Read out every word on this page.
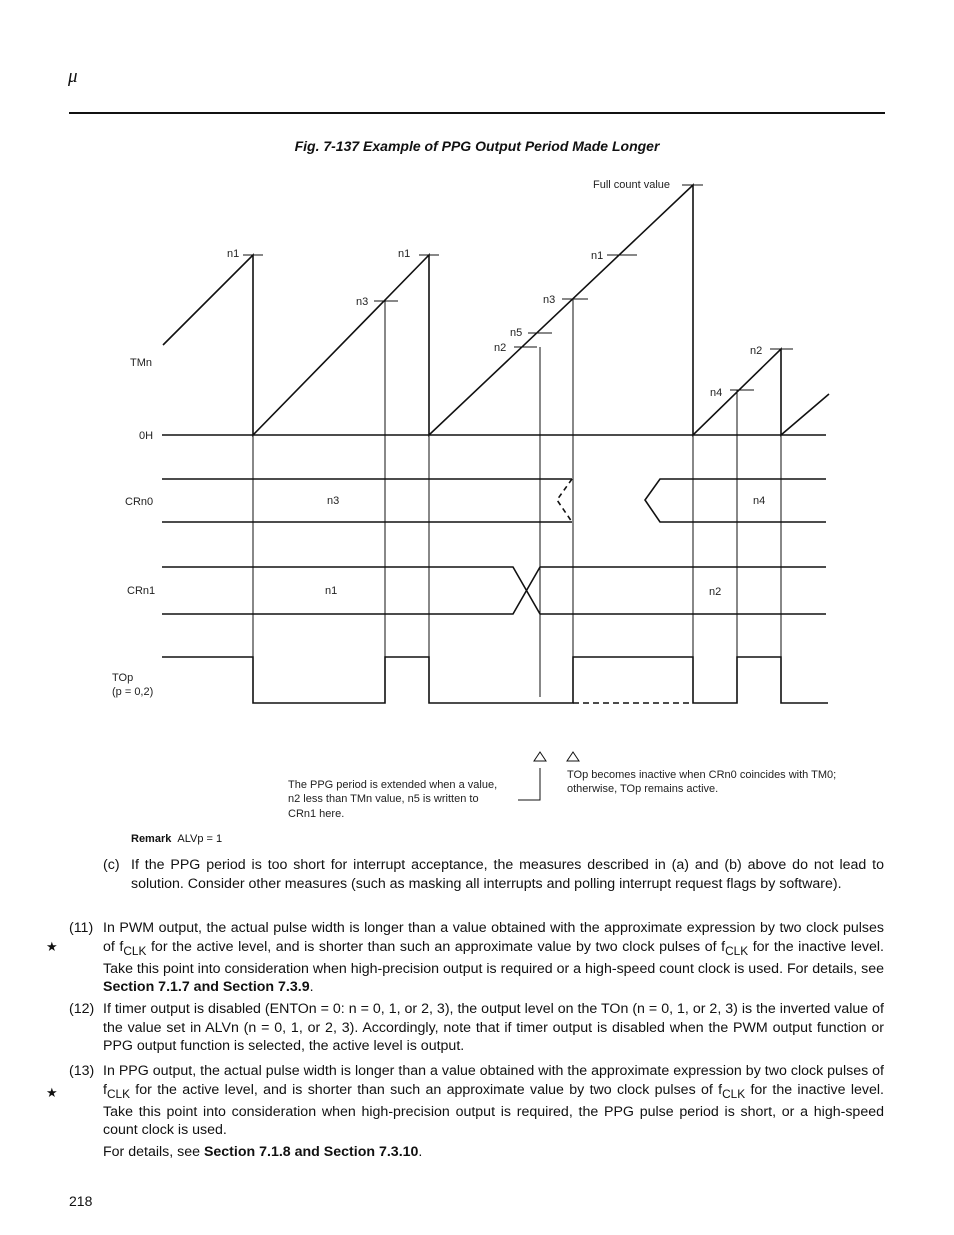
μ
Fig. 7-137 Example of PPG Output Period Made Longer
Full count value
TMn
0H
CRn0
CRn1
TOp
(p = 0,2)
n1	n1	n1
n3	n3
n5
n2	n2
n4
n3	n4
n1	n2
The PPG period is extended when a value,
n2 less than TMn value, n5 is written to
CRn1 here.
TOp becomes inactive when CRn0 coincides with TM0;
otherwise, TOp remains active.
Remark ALVp = 1
(c) If the PPG period is too short for interrupt acceptance, the measures described in (a) and (b) above do not lead to solution. Consider other measures (such as masking all interrupts and polling interrupt request flags by software).
(11)
★
In PWM output, the actual pulse width is longer than a value obtained with the approximate expression by two clock pulses of $f_{CLK}$ for the active level, and is shorter than such an approximate value by two clock pulses of $f_{CLK}$ for the inactive level. Take this point into consideration when high-precision output is required or a high-speed count clock is used. For details, see Section 7.1.7 and Section 7.3.9.
(12) If timer output is disabled (ENTOn = 0: n = 0, 1, or 2, 3), the output level on the TOn (n = 0, 1, or 2, 3) is the inverted value of the value set in ALVn (n = 0, 1, or 2, 3). Accordingly, note that if timer output is disabled when the PWM output function or PPG output function is selected, the active level is output.
(13)
★
In PPG output, the actual pulse width is longer than a value obtained with the approximate expression by two clock pulses of $f_{CLK}$ for the active level, and is shorter than such an approximate value by two clock pulses of $f_{CLK}$ for the inactive level. Take this point into consideration when high-precision output is required, the PPG pulse period is short, or a high-speed count clock is used.
For details, see Section 7.1.8 and Section 7.3.10.
218
